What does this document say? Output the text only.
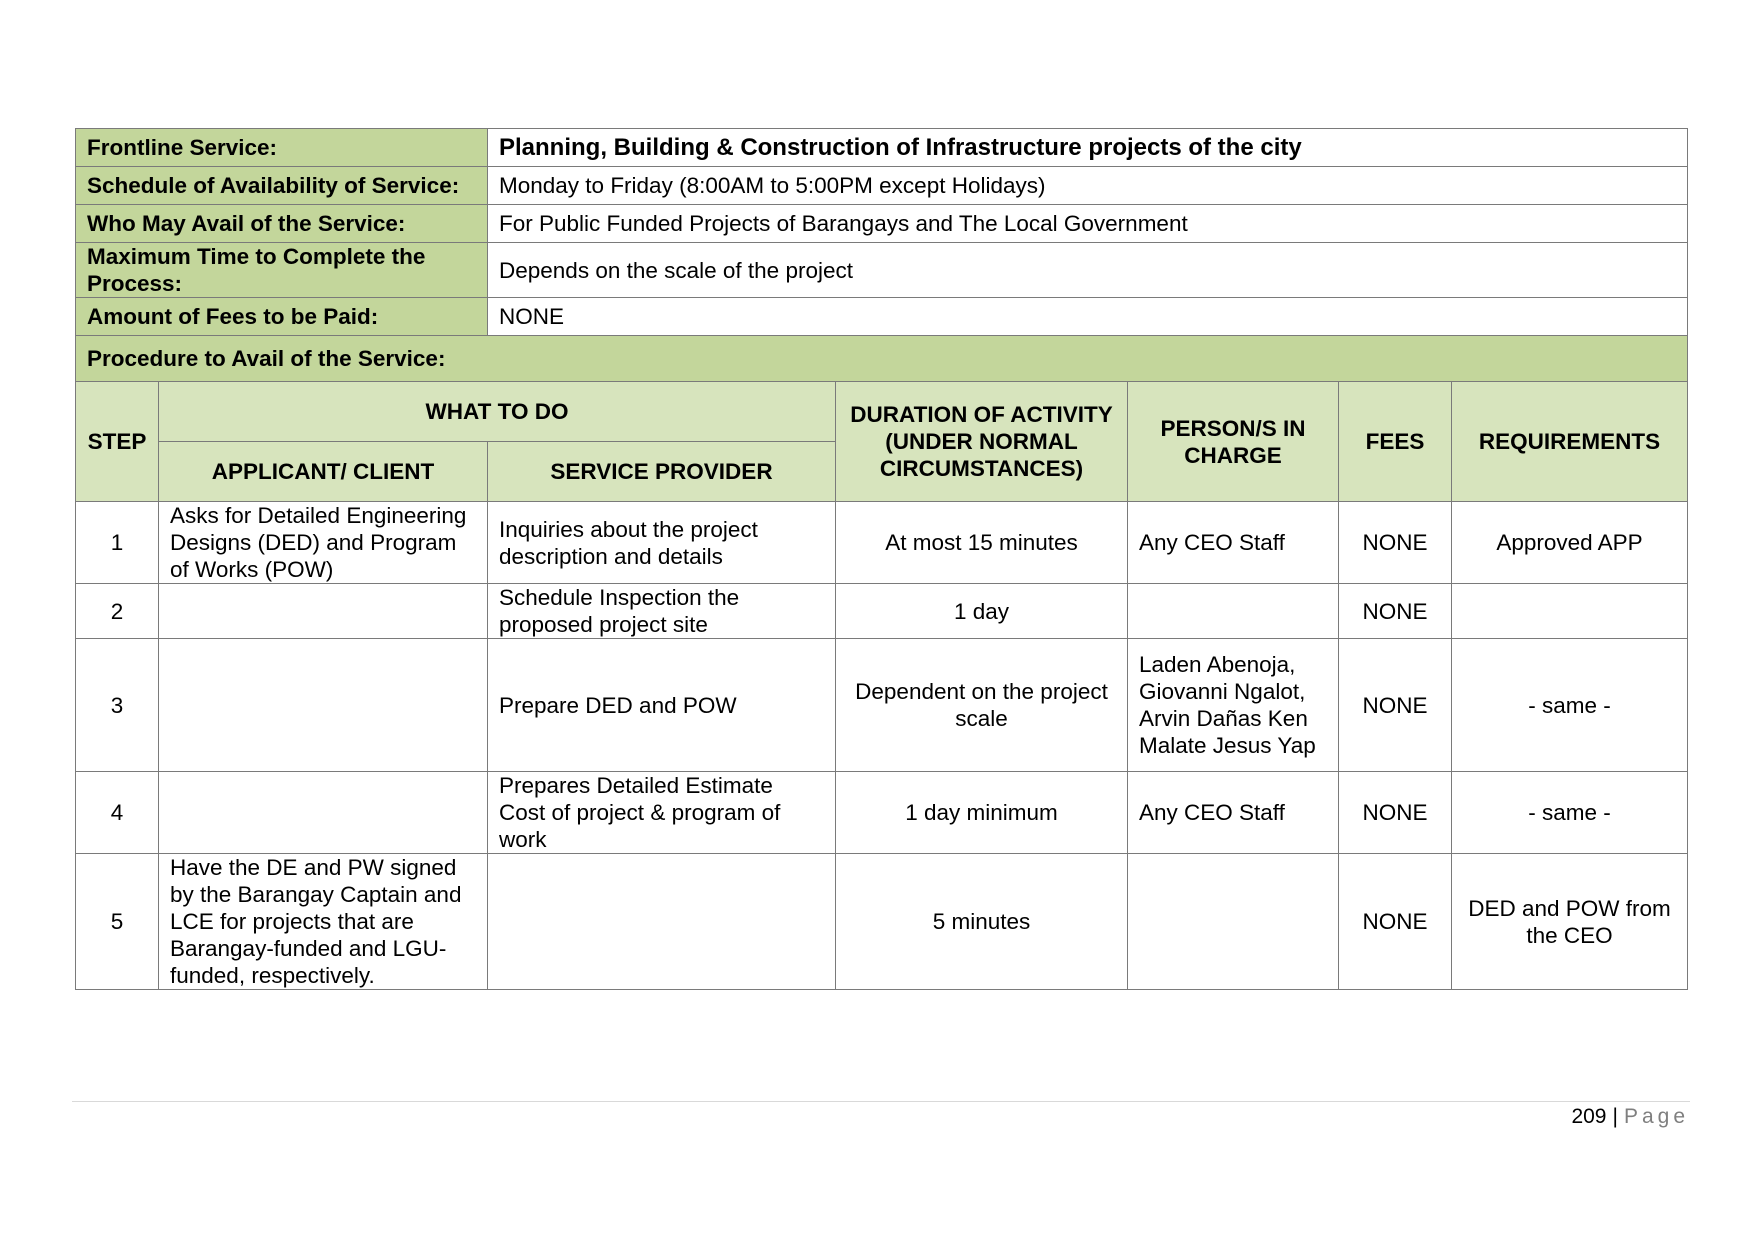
Frontline Service:		Planning, Building & Construction of Infrastructure projects of the city				
Schedule of Availability of Service:		Monday to Friday (8:00AM to 5:00PM except Holidays)				
Who May Avail of the Service:		For Public Funded Projects of Barangays and The Local Government				
Maximum Time to Complete the Process:		Depends on the scale of the project				
Amount of Fees to be Paid:		NONE				
Procedure to Avail of the Service:						
STEP	WHAT TO DO		DURATION OF ACTIVITY (UNDER NORMAL CIRCUMSTANCES)	PERSON/S IN CHARGE	FEES	REQUIREMENTS
	APPLICANT/ CLIENT	SERVICE PROVIDER				
1	Asks for Detailed Engineering Designs (DED) and Program of Works (POW)	Inquiries about the project description and details	At most 15 minutes	Any CEO Staff	NONE	Approved APP
2		Schedule Inspection the proposed project site	1 day		NONE	
3		Prepare DED and POW	Dependent on the project scale	Laden Abenoja, Giovanni Ngalot, Arvin Dañas Ken Malate Jesus Yap	NONE	- same -
4		Prepares Detailed Estimate Cost of project & program of work	1 day minimum	Any CEO Staff	NONE	- same -
5	Have the DE and PW signed by the Barangay Captain and LCE for projects that are Barangay-funded and LGU-funded, respectively.		5 minutes		NONE	DED and POW from the CEO
209 | Page
